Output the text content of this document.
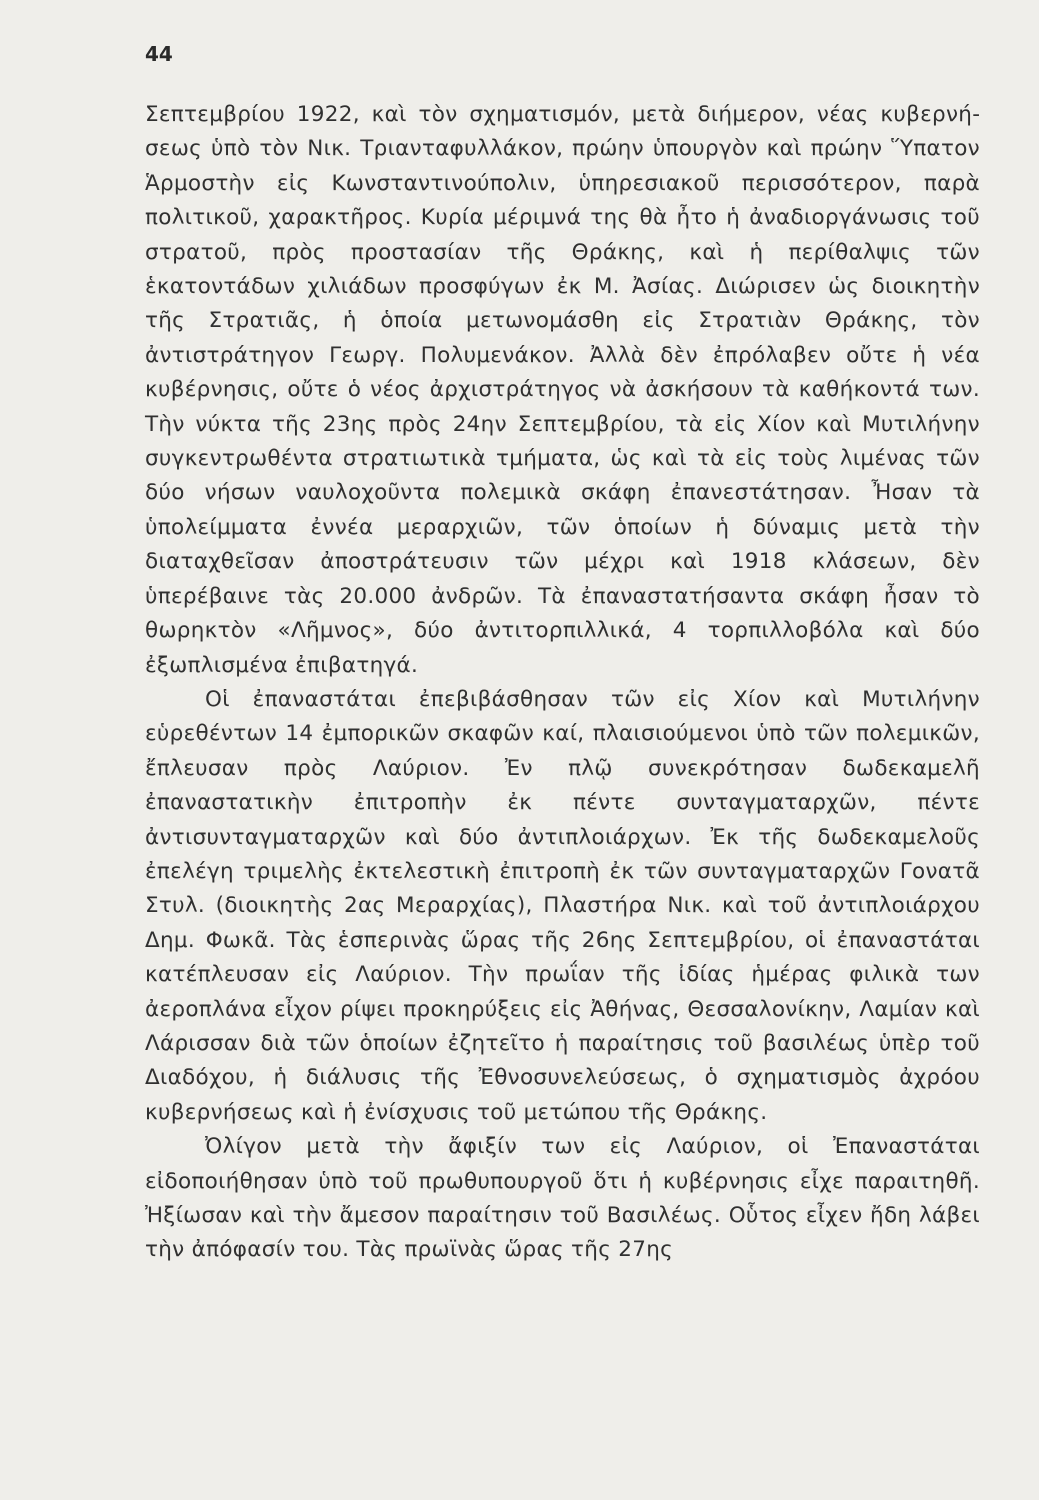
44

Σεπτεμβρίου 1922, καὶ τὸν σχηματισμόν, μετὰ διήμερον, νέας κυβερνήσεως ὑπὸ τὸν Νικ. Τριανταφυλλάκον, πρώην ὑπουργὸν καὶ πρώην Ὕπατον Ἁρμοστὴν εἰς Κωνσταντινούπολιν, ὑπηρεσιακοῦ περισσότερον, παρὰ πολιτικοῦ, χαρακτῆρος. Κυρία μέριμνά της θὰ ἦτο ἡ ἀναδιοργάνωσις τοῦ στρατοῦ, πρὸς προστασίαν τῆς Θράκης, καὶ ἡ περίθαλψις τῶν ἑκατοντάδων χιλιάδων προσφύγων ἐκ Μ. Ἀσίας. Διώρισεν ὡς διοικητὴν τῆς Στρατιᾶς, ἡ ὁποία μετωνομάσθη εἰς Στρατιὰν Θράκης, τὸν ἀντιστράτηγον Γεωργ. Πολυμενάκον. Ἀλλὰ δὲν ἐπρόλαβεν οὔτε ἡ νέα κυβέρνησις, οὔτε ὁ νέος ἀρχιστράτηγος νὰ ἀσκήσουν τὰ καθήκοντά των. Τὴν νύκτα τῆς 23ης πρὸς 24ην Σεπτεμβρίου, τὰ εἰς Χίον καὶ Μυτιλήνην συγκεντρωθέντα στρατιωτικὰ τμήματα, ὡς καὶ τὰ εἰς τοὺς λιμένας τῶν δύο νήσων ναυλοχοῦντα πολεμικὰ σκάφη ἐπανεστάτησαν. Ἦσαν τὰ ὑπολείμματα ἐννέα μεραρχιῶν, τῶν ὁποίων ἡ δύναμις μετὰ τὴν διαταχθεῖσαν ἀποστράτευσιν τῶν μέχρι καὶ 1918 κλάσεων, δὲν ὑπερέβαινε τὰς 20.000 ἀνδρῶν. Τὰ ἐπαναστατήσαντα σκάφη ἦσαν τὸ θωρηκτὸν «Λῆμνος», δύο ἀντιτορπιλλικά, 4 τορπιλλοβόλα καὶ δύο ἐξωπλισμένα ἐπιβατηγά.

Οἱ ἐπαναστάται ἐπεβιβάσθησαν τῶν εἰς Χίον καὶ Μυτιλήνην εὑρεθέντων 14 ἐμπορικῶν σκαφῶν καί, πλαισιούμενοι ὑπὸ τῶν πολεμικῶν, ἔπλευσαν πρὸς Λαύριον. Ἐν πλῷ συνεκρότησαν δωδεκαμελῆ ἐπαναστατικὴν ἐπιτροπὴν ἐκ πέντε συνταγματαρχῶν, πέντε ἀντισυνταγματαρχῶν καὶ δύο ἀντιπλοιάρχων. Ἐκ τῆς δωδεκαμελοῦς ἐπελέγη τριμελὴς ἐκτελεστικὴ ἐπιτροπὴ ἐκ τῶν συνταγματαρχῶν Γονατᾶ Στυλ. (διοικητὴς 2ας Μεραρχίας), Πλαστήρα Νικ. καὶ τοῦ ἀντιπλοιάρχου Δημ. Φωκᾶ. Τὰς ἑσπερινὰς ὥρας τῆς 26ης Σεπτεμβρίου, οἱ ἐπαναστάται κατέπλευσαν εἰς Λαύριον. Τὴν πρωΐαν τῆς ἰδίας ἡμέρας φιλικὰ των ἀεροπλάνα εἶχον ρίψει προκηρύξεις εἰς Ἀθήνας, Θεσσαλονίκην, Λαμίαν καὶ Λάρισσαν διὰ τῶν ὁποίων ἐζητεῖτο ἡ παραίτησις τοῦ βασιλέως ὑπὲρ τοῦ Διαδόχου, ἡ διάλυσις τῆς Ἐθνοσυνελεύσεως, ὁ σχηματισμὸς ἀχρόου κυβερνήσεως καὶ ἡ ἐνίσχυσις τοῦ μετώπου τῆς Θράκης.

Ὀλίγον μετὰ τὴν ἄφιξίν των εἰς Λαύριον, οἱ Ἐπαναστάται εἰδοποιήθησαν ὑπὸ τοῦ πρωθυπουργοῦ ὅτι ἡ κυβέρνησις εἶχε παραιτηθῆ. Ἠξίωσαν καὶ τὴν ἄμεσον παραίτησιν τοῦ Βασιλέως. Οὗτος εἶχεν ἤδη λάβει τὴν ἀπόφασίν του. Τὰς πρωϊνὰς ὥρας τῆς 27ης
